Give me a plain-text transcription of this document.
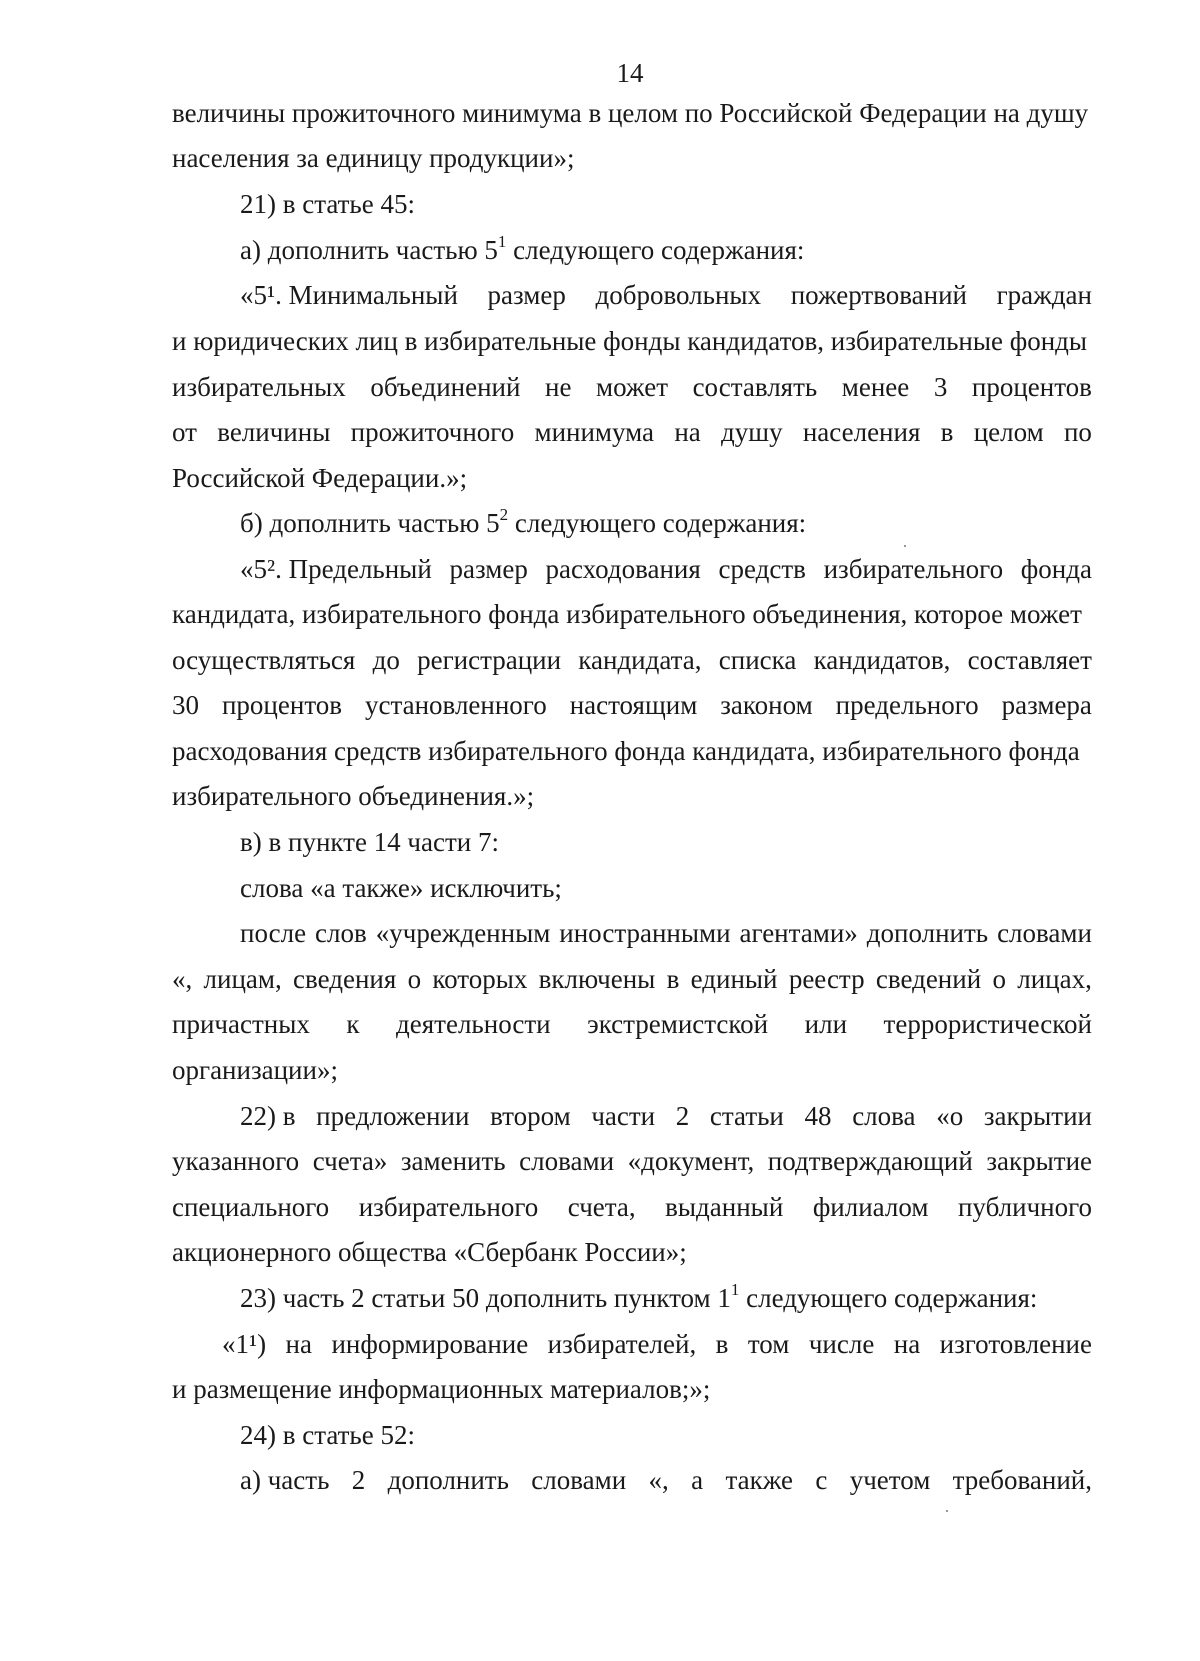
14
величины прожиточного минимума в целом по Российской Федерации на душу
населения за единицу продукции»;
21) в статье 45:
а) дополнить частью $5^1$ следующего содержания:
«5¹. Минимальный размер добровольных пожертвований граждан
и юридических лиц в избирательные фонды кандидатов, избирательные фонды
избирательных объединений не может составлять менее 3 процентов
от величины прожиточного минимума на душу населения в целом по
Российской Федерации.»;
б) дополнить частью $5^2$ следующего содержания:
«5². Предельный размер расходования средств избирательного фонда
кандидата, избирательного фонда избирательного объединения, которое может
осуществляться до регистрации кандидата, списка кандидатов, составляет
30 процентов установленного настоящим законом предельного размера
расходования средств избирательного фонда кандидата, избирательного фонда
избирательного объединения.»;
в) в пункте 14 части 7:
слова «а также» исключить;
после слов «учрежденным иностранными агентами» дополнить словами
«, лицам, сведения о которых включены в единый реестр сведений о лицах,
причастных к деятельности экстремистской или террористической
организации»;
22) в предложении втором части 2 статьи 48 слова «о закрытии
указанного счета» заменить словами «документ, подтверждающий закрытие
специального избирательного счета, выданный филиалом публичного
акционерного общества «Сбербанк России»;
23) часть 2 статьи 50 дополнить пунктом $1^1$ следующего содержания:
«1¹) на информирование избирателей, в том числе на изготовление
и размещение информационных материалов;»;
24) в статье 52:
а) часть 2 дополнить словами «, а также с учетом требований,
